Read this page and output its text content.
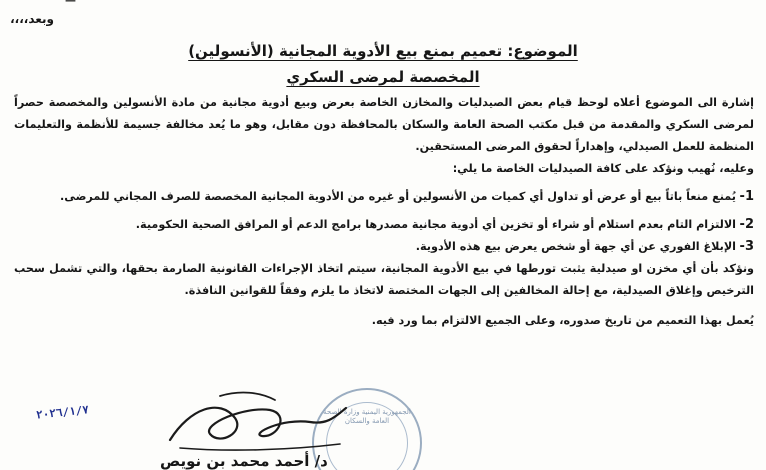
—
وبعد،،،،
الموضوع: تعميم بمنع بيع الأدوية المجانية (الأنسولين)
المخصصة لمرضى السكري

إشارة الى الموضوع أعلاه لوحظ قيام بعض الصيدليات والمخازن الخاصة بعرض وبيع أدوية مجانية من مادة الأنسولين والمخصصة حصراً لمرضى السكري والمقدمة من قبل مكتب الصحة العامة والسكان بالمحافظة دون مقابل، وهو ما يُعد مخالفة جسيمة للأنظمة والتعليمات المنظمة للعمل الصيدلي، وإهداراً لحقوق المرضى المستحقين.

وعليه، نُهيب ونؤكد على كافة الصيدليات الخاصة ما يلي:

1-
يُمنع منعاً باتاً بيع أو عرض أو تداول أي كميات من الأنسولين أو غيره من الأدوية المجانية المخصصة للصرف المجاني للمرضى.
2-
الالتزام التام بعدم استلام أو شراء أو تخزين أي أدوية مجانية مصدرها برامج الدعم أو المرافق الصحية الحكومية.
3-
الإبلاغ الفوري عن أي جهة أو شخص يعرض بيع هذه الأدوية.

ونؤكد بأن أي مخزن او صيدلية يثبت تورطها في بيع الأدوية المجانية، سيتم اتخاذ الإجراءات القانونية الصارمة بحقها، والتي تشمل سحب الترخيص وإغلاق الصيدلية، مع إحالة المخالفين إلى الجهات المختصة لاتخاذ ما يلزم وفقاً للقوانين النافذة.

يُعمل بهذا التعميم من تاريخ صدوره، وعلى الجميع الالتزام بما ورد فيه.

٢٠٢٦/١/٧	الجمهورية اليمنية وزارة الصحة العامة والسكان
د/ أحمد محمد بن نويص
